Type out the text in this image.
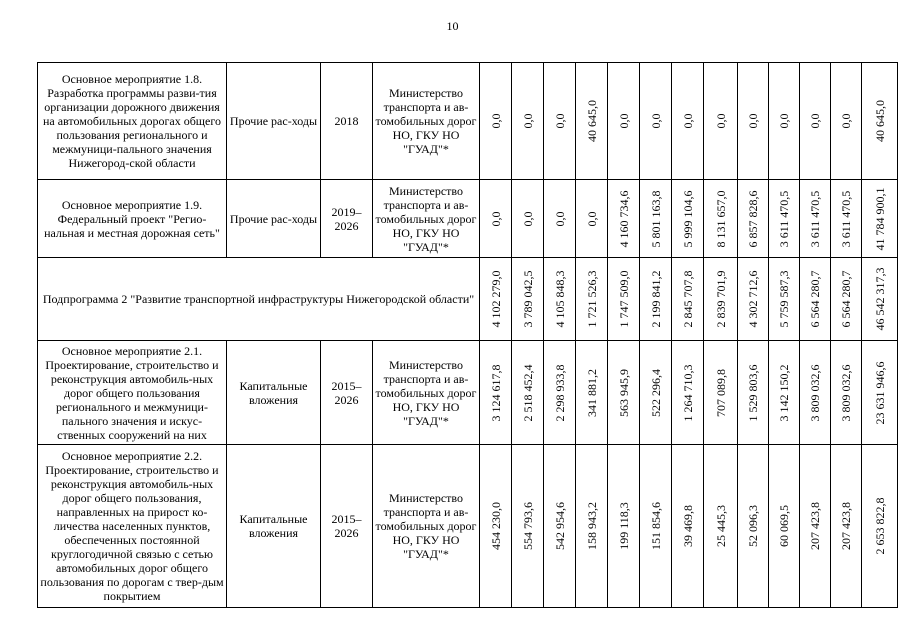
10
Основное мероприятие 1.8. Разработка программы разви-тия организации дорожного движения на автомобильных дорогах общего пользования регионального и межмуници-пального значения Нижегород-ской области	Прочие рас-ходы	2018	Министерство транспорта и ав-томобильных дорог НО, ГКУ НО "ГУАД"*	0,0	0,0	0,0	40 645,0	0,0	0,0	0,0	0,0	0,0	0,0	0,0	0,0	40 645,0

Основное мероприятие 1.9. Федеральный проект "Регио-нальная и местная дорожная сеть"	Прочие рас-ходы	2019–2026	Министерство транспорта и ав-томобильных дорог НО, ГКУ НО "ГУАД"*	0,0	0,0	0,0	0,0	4 160 734,6	5 801 163,8	5 999 104,6	8 131 657,0	6 857 828,6	3 611 470,5	3 611 470,5	3 611 470,5	41 784 900,1

Подпрограмма 2 "Развитие транспортной инфраструктуры Нижегородской области"				4 102 279,0	3 789 042,5	4 105 848,3	1 721 526,3	1 747 509,0	2 199 841,2	2 845 707,8	2 839 701,9	4 302 712,6	5 759 587,3	6 564 280,7	6 564 280,7	46 542 317,3

Основное мероприятие 2.1. Проектирование, строительство и реконструкция автомобиль-ных дорог общего пользования регионального и межмуници-пального значения и искус-ственных сооружений на них	Капитальные вложения	2015–2026	Министерство транспорта и ав-томобильных дорог НО, ГКУ НО "ГУАД"*	3 124 617,8	2 518 452,4	2 298 933,8	341 881,2	563 945,9	522 296,4	1 264 710,3	707 089,8	1 529 803,6	3 142 150,2	3 809 032,6	3 809 032,6	23 631 946,6

Основное мероприятие 2.2. Проектирование, строительство и реконструкция автомобиль-ных дорог общего пользования, направленных на прирост ко-личества населенных пунктов, обеспеченных постоянной круглогодичной связью с сетью автомобильных дорог общего пользования по дорогам с твер-дым покрытием	Капитальные вложения	2015–2026	Министерство транспорта и ав-томобильных дорог НО, ГКУ НО "ГУАД"*	454 230,0	554 793,6	542 954,6	158 943,2	199 118,3	151 854,6	39 469,8	25 445,3	52 096,3	60 069,5	207 423,8	207 423,8	2 653 822,8
